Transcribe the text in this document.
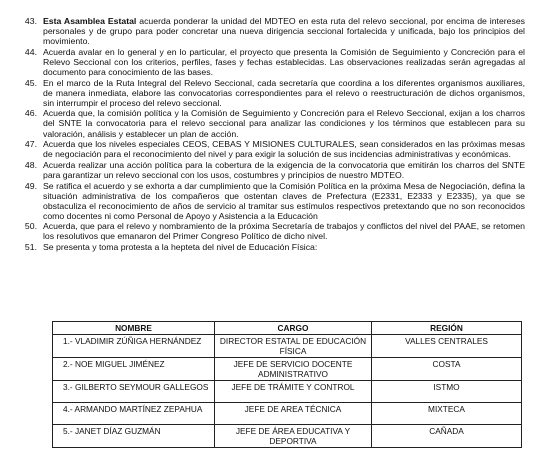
43. Esta Asamblea Estatal acuerda ponderar la unidad del MDTEO en esta ruta del relevo seccional, por encima de intereses personales y de grupo para poder concretar una nueva dirigencia seccional fortalecida y unificada, bajo los principios del movimiento.
44. Acuerda avalar en lo general y en lo particular, el proyecto que presenta la Comisión de Seguimiento y Concreción para el Relevo Seccional con los criterios, perfiles, fases y fechas establecidas. Las observaciones realizadas serán agregadas al documento para conocimiento de las bases.
45. En el marco de la Ruta Integral del Relevo Seccional, cada secretaría que coordina a los diferentes organismos auxiliares, de manera inmediata, elabore las convocatorias correspondientes para el relevo o reestructuración de dichos organismos, sin interrumpir el proceso del relevo seccional.
46. Acuerda que, la comisión política y la Comisión de Seguimiento y Concreción para el Relevo Seccional, exijan a los charros del SNTE la convocatoria para el relevo seccional para analizar las condiciones y los términos que establecen para su valoración, análisis y establecer un plan de acción.
47. Acuerda que los niveles especiales CEOS, CEBAS Y MISIONES CULTURALES, sean considerados en las próximas mesas de negociación para el reconocimiento del nivel y para exigir la solución de sus incidencias administrativas y económicas.
48. Acuerda realizar una acción política para la cobertura de la exigencia de la convocatoria que emitirán los charros del SNTE para garantizar un relevo seccional con los usos, costumbres y principios de nuestro MDTEO.
49. Se ratifica el acuerdo y se exhorta a dar cumplimiento que la Comisión Política en la próxima Mesa de Negociación, defina la situación administrativa de los compañeros que ostentan claves de Prefectura (E2331, E2333 y E2335), ya que se obstaculiza el reconocimiento de años de servicio al tramitar sus estímulos respectivos pretextando que no son reconocidos como docentes ni como Personal de Apoyo y Asistencia a la Educación
50. Acuerda, que para el relevo y nombramiento de la próxima Secretaría de trabajos y conflictos del nivel del PAAE, se retomen los resolutivos que emanaron del Primer Congreso Político de dicho nivel.
51. Se presenta y toma protesta a la hepteta del nivel de Educación Física:
NOMBRE	CARGO	REGIÓN
1.- VLADIMIR ZÚÑIGA HERNÁNDEZ	DIRECTOR ESTATAL DE EDUCACIÓN FÍSICA	VALLES CENTRALES
2.- NOE MIGUEL JIMÉNEZ	JEFE DE SERVICIO DOCENTE ADMINISTRATIVO	COSTA
3.- GILBERTO SEYMOUR GALLEGOS	JEFE DE TRÁMITE Y CONTROL	ISTMO
4.- ARMANDO MARTÍNEZ ZEPAHUA	JEFE DE AREA TÉCNICA	MIXTECA
5.- JANET DÍAZ GUZMÁN	JEFE DE ÁREA EDUCATIVA Y DEPORTIVA	CAÑADA
